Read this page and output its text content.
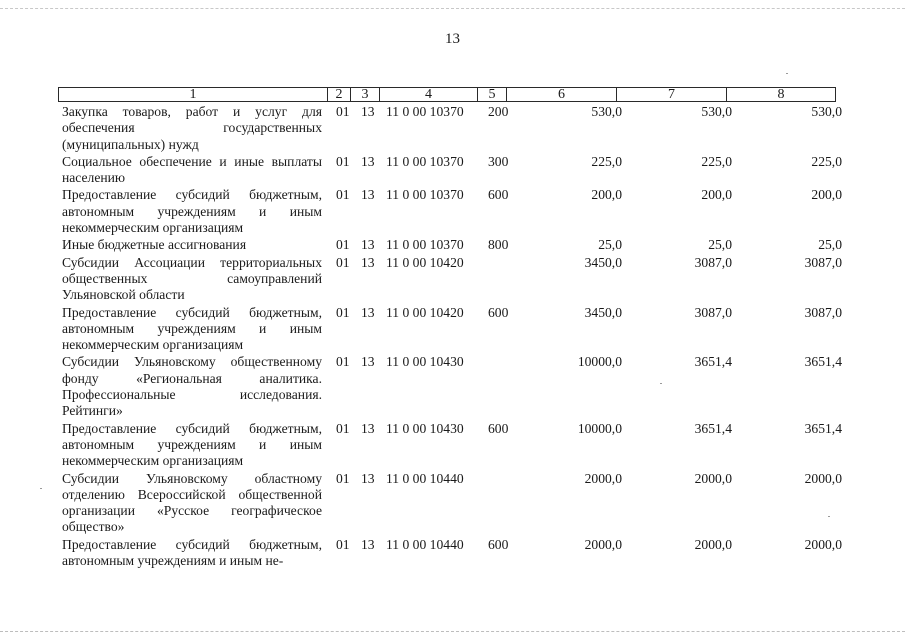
13
1	2	3	4	5	6	7	8
Закупка товаров, работ и услуг для обеспечения государственных (муниципальных) нужд	01	13	11 0 00 10370	200	530,0	530,0	530,0
Социальное обеспечение и иные выплаты населению	01	13	11 0 00 10370	300	225,0	225,0	225,0
Предоставление субсидий бюджетным, автономным учреждениям и иным некоммерческим организациям	01	13	11 0 00 10370	600	200,0	200,0	200,0
Иные бюджетные ассигнования	01	13	11 0 00 10370	800	25,0	25,0	25,0
Субсидии Ассоциации территориальных общественных самоуправлений Ульяновской области	01	13	11 0 00 10420		3450,0	3087,0	3087,0
Предоставление субсидий бюджетным, автономным учреждениям и иным некоммерческим организациям	01	13	11 0 00 10420	600	3450,0	3087,0	3087,0
Субсидии Ульяновскому общественному фонду «Региональная аналитика. Профессиональные исследования. Рейтинги»	01	13	11 0 00 10430		10000,0	3651,4	3651,4
Предоставление субсидий бюджетным, автономным учреждениям и иным некоммерческим организациям	01	13	11 0 00 10430	600	10000,0	3651,4	3651,4
Субсидии Ульяновскому областному отделению Всероссийской общественной организации «Русское географическое общество»	01	13	11 0 00 10440		2000,0	2000,0	2000,0
Предоставление субсидий бюджетным, автономным учреждениям и иным не-	01	13	11 0 00 10440	600	2000,0	2000,0	2000,0
